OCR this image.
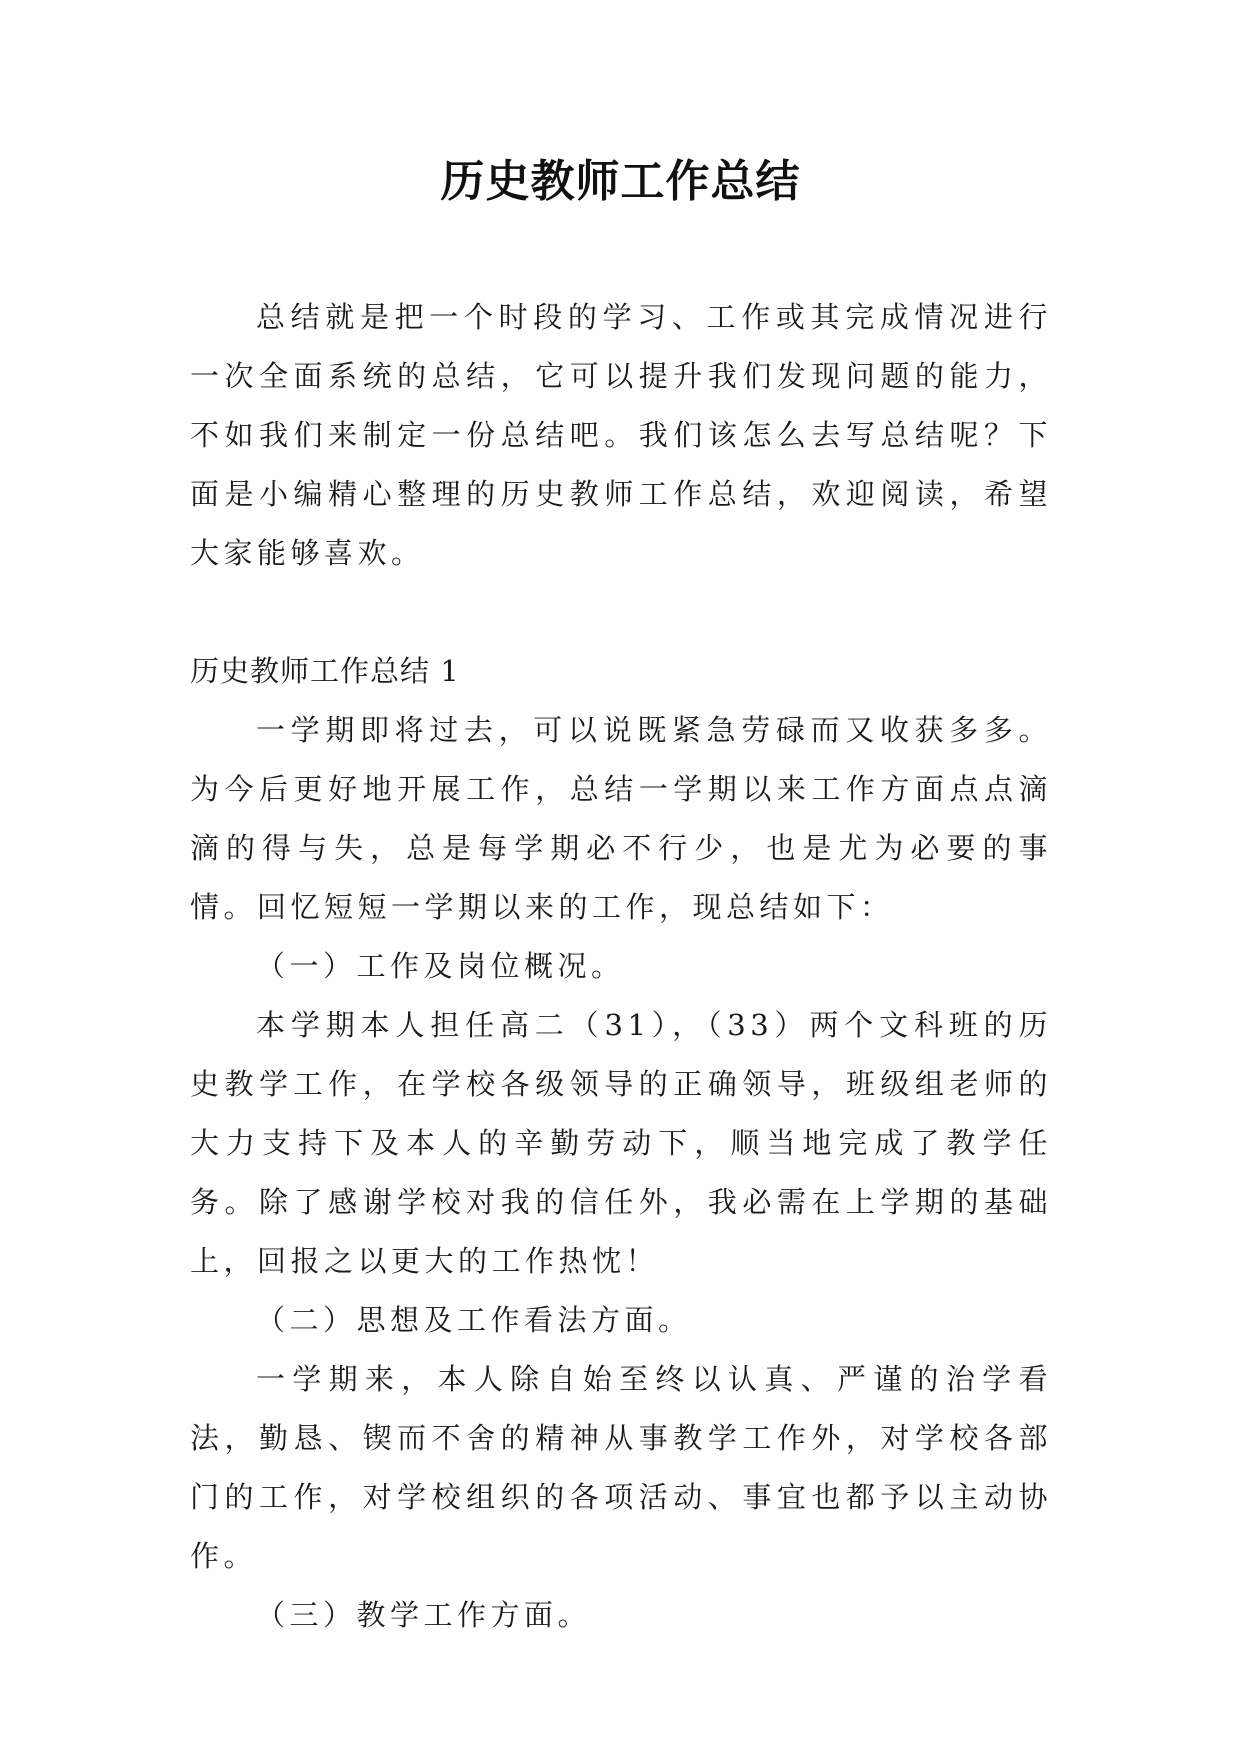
历史教师工作总结

总结就是把一个时段的学习、工作或其完成情况进行一次全面系统的总结，它可以提升我们发现问题的能力，不如我们来制定一份总结吧。我们该怎么去写总结呢？下面是小编精心整理的历史教师工作总结，欢迎阅读，希望大家能够喜欢。

历史教师工作总结 1

一学期即将过去，可以说既紧急劳碌而又收获多多。为今后更好地开展工作，总结一学期以来工作方面点点滴滴的得与失，总是每学期必不行少，也是尤为必要的事情。回忆短短一学期以来的工作，现总结如下：

（一）工作及岗位概况。

本学期本人担任高二（31），（33）两个文科班的历史教学工作，在学校各级领导的正确领导，班级组老师的大力支持下及本人的辛勤劳动下，顺当地完成了教学任务。除了感谢学校对我的信任外，我必需在上学期的基础上，回报之以更大的工作热忱！

（二）思想及工作看法方面。

一学期来，本人除自始至终以认真、严谨的治学看法，勤恳、锲而不舍的精神从事教学工作外，对学校各部门的工作，对学校组织的各项活动、事宜也都予以主动协作。

（三）教学工作方面。
